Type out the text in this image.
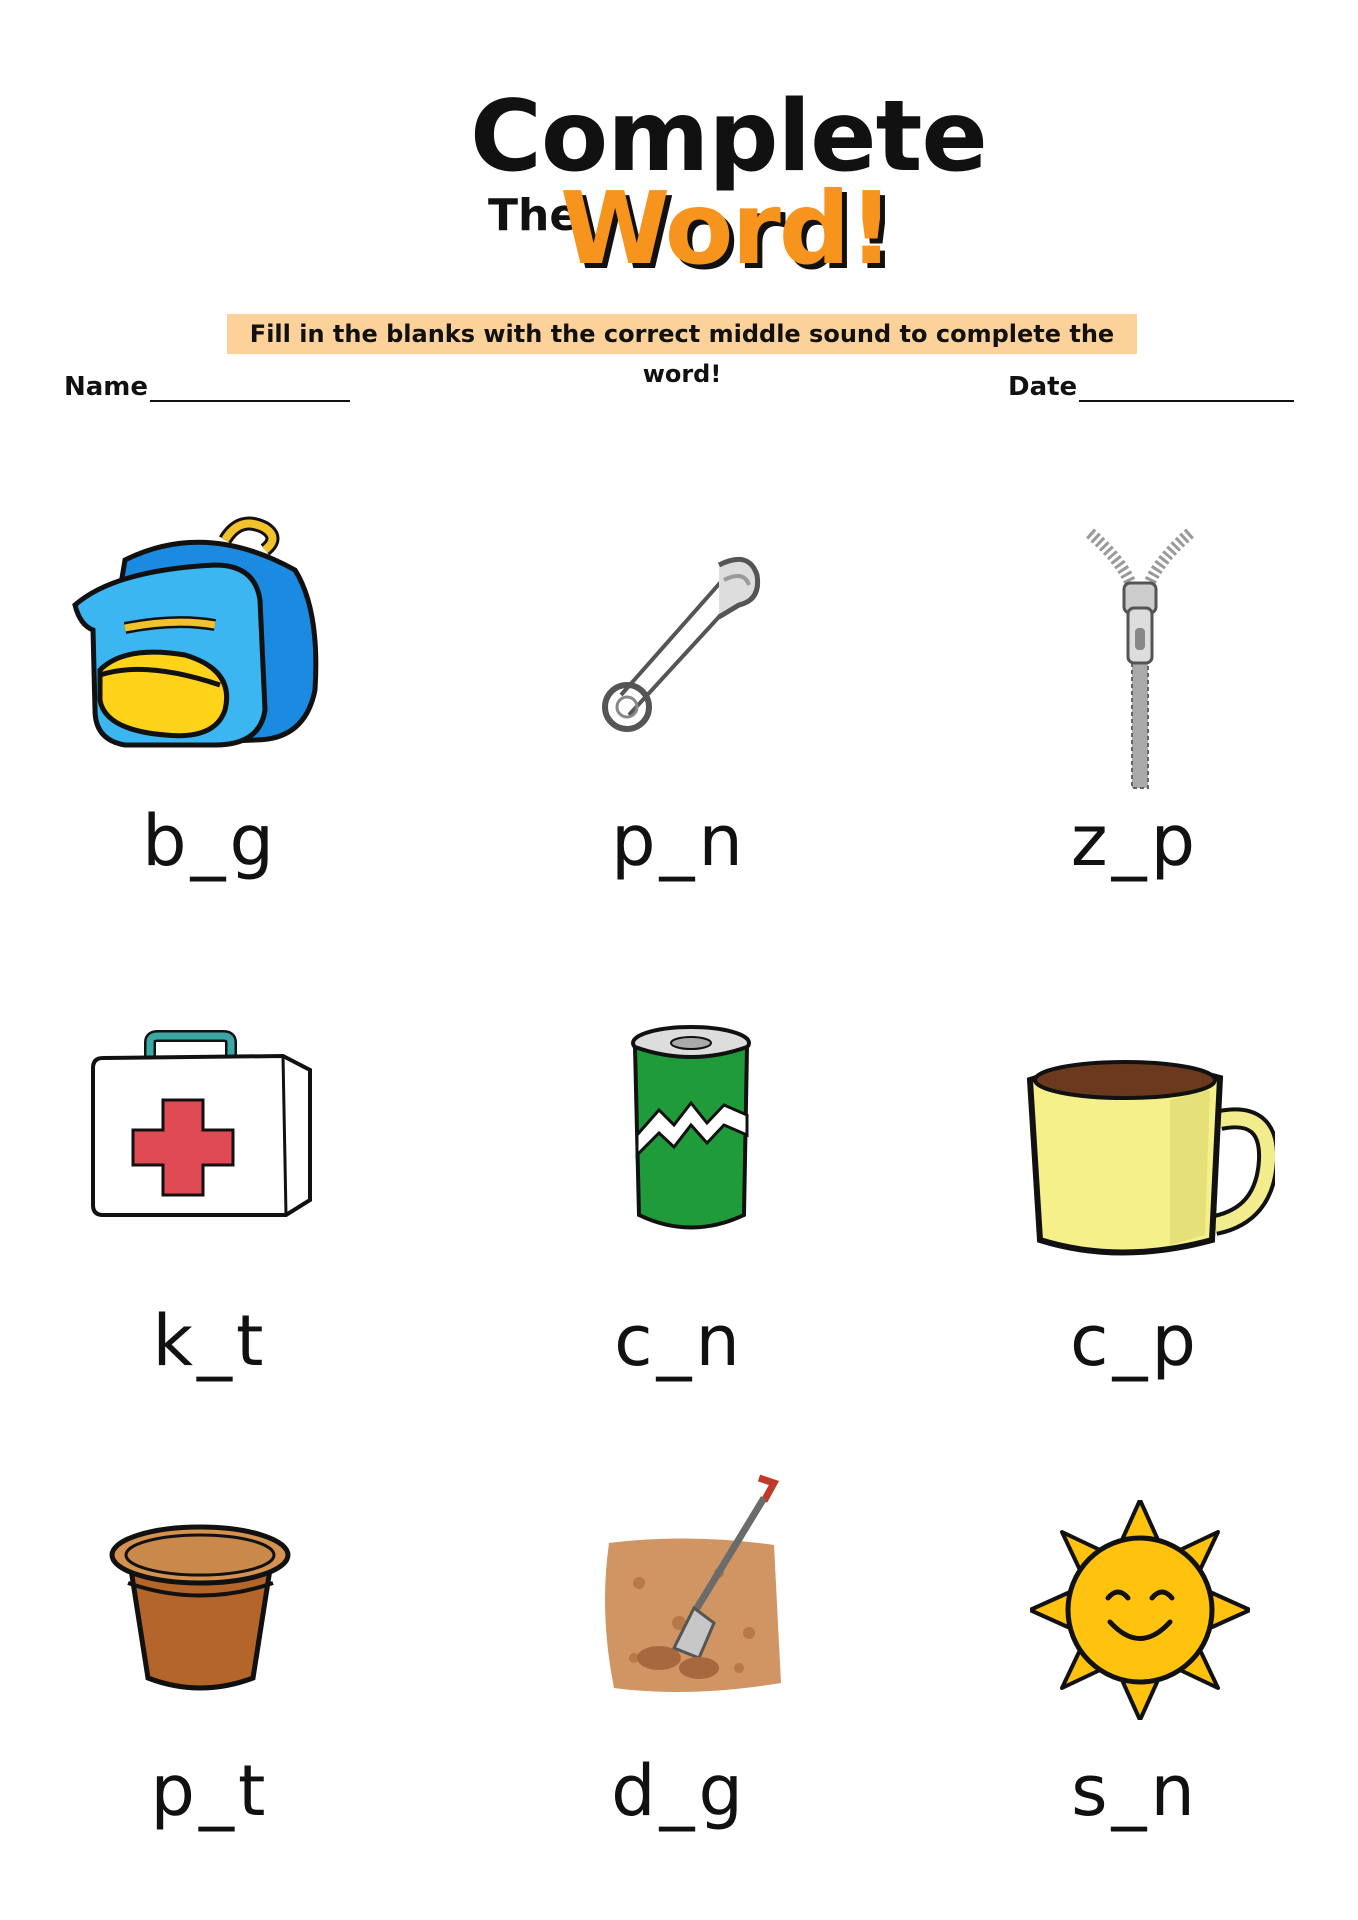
Complete
The
Word!
Fill in the blanks with the correct middle sound to complete the word!
Name	Date
b_g	p_n	z_p
k_t	c_n	c_p
p_t	d_g	s_n
